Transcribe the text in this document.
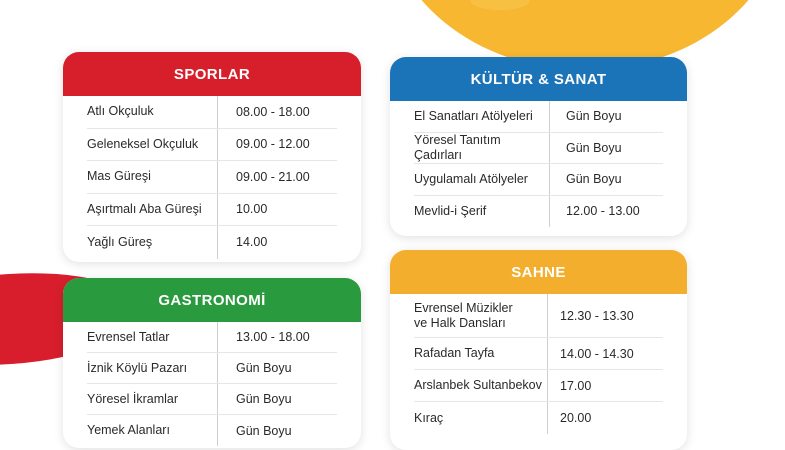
SPORLAR
Atlı Okçuluk	08.00 - 18.00
Geleneksel Okçuluk	09.00 - 12.00
Mas Güreşi	09.00 - 21.00
Aşırtmalı Aba Güreşi	10.00
Yağlı Güreş	14.00
KÜLTÜR & SANAT
El Sanatları Atölyeleri	Gün Boyu
Yöresel Tanıtım Çadırları	Gün Boyu
Uygulamalı Atölyeler	Gün Boyu
Mevlid-i Şerif	12.00 - 13.00
GASTRONOMİ
Evrensel Tatlar	13.00 - 18.00
İznik Köylü Pazarı	Gün Boyu
Yöresel İkramlar	Gün Boyu
Yemek Alanları	Gün Boyu
SAHNE
Evrensel Müzikler ve Halk Dansları	12.30 - 13.30
Rafadan Tayfa	14.00 - 14.30
Arslanbek Sultanbekov	17.00
Kıraç	20.00
